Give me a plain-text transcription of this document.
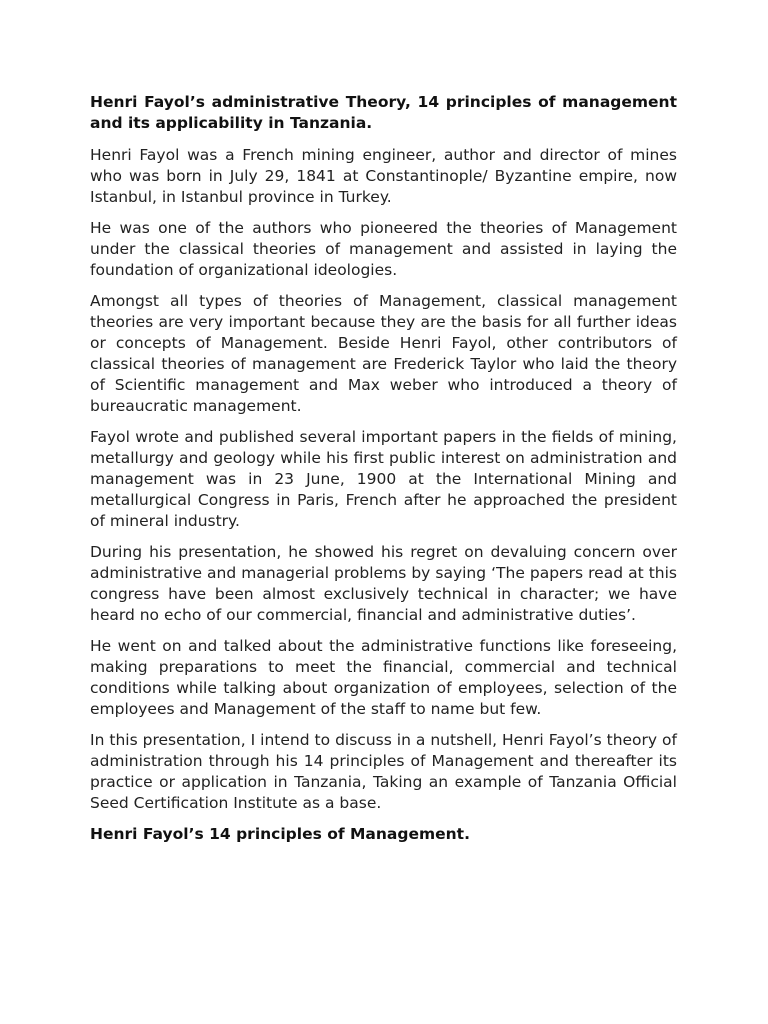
Henri Fayol’s administrative Theory, 14 principles of management and its applicability in Tanzania.

Henri Fayol was a French mining engineer, author and director of mines who was born in July 29, 1841 at Constantinople/ Byzantine empire, now Istanbul, in Istanbul province in Turkey.

He was one of the authors who pioneered the theories of Management under the classical theories of management and assisted in laying the foundation of organizational ideologies.

Amongst all types of theories of Management, classical management theories are very important because they are the basis for all further ideas or concepts of Management. Beside Henri Fayol, other contributors of classical theories of management are Frederick Taylor who laid the theory of Scientific management and Max weber who introduced a theory of bureaucratic management.

Fayol wrote and published several important papers in the fields of mining, metallurgy and geology while his first public interest on administration and management was in 23 June, 1900 at the International Mining and metallurgical Congress in Paris, French after he approached the president of mineral industry.

During his presentation, he showed his regret on devaluing concern over administrative and managerial problems by saying ‘The papers read at this congress have been almost exclusively technical in character; we have heard no echo of our commercial, financial and administrative duties’.

He went on and talked about the administrative functions like foreseeing, making preparations to meet the financial, commercial and technical conditions while talking about organization of employees, selection of the employees and Management of the staff to name but few.

In this presentation, I intend to discuss in a nutshell, Henri Fayol’s theory of administration through his 14 principles of Management and thereafter its practice or application in Tanzania, Taking an example of Tanzania Official Seed Certification Institute as a base.

Henri Fayol’s 14 principles of Management.
